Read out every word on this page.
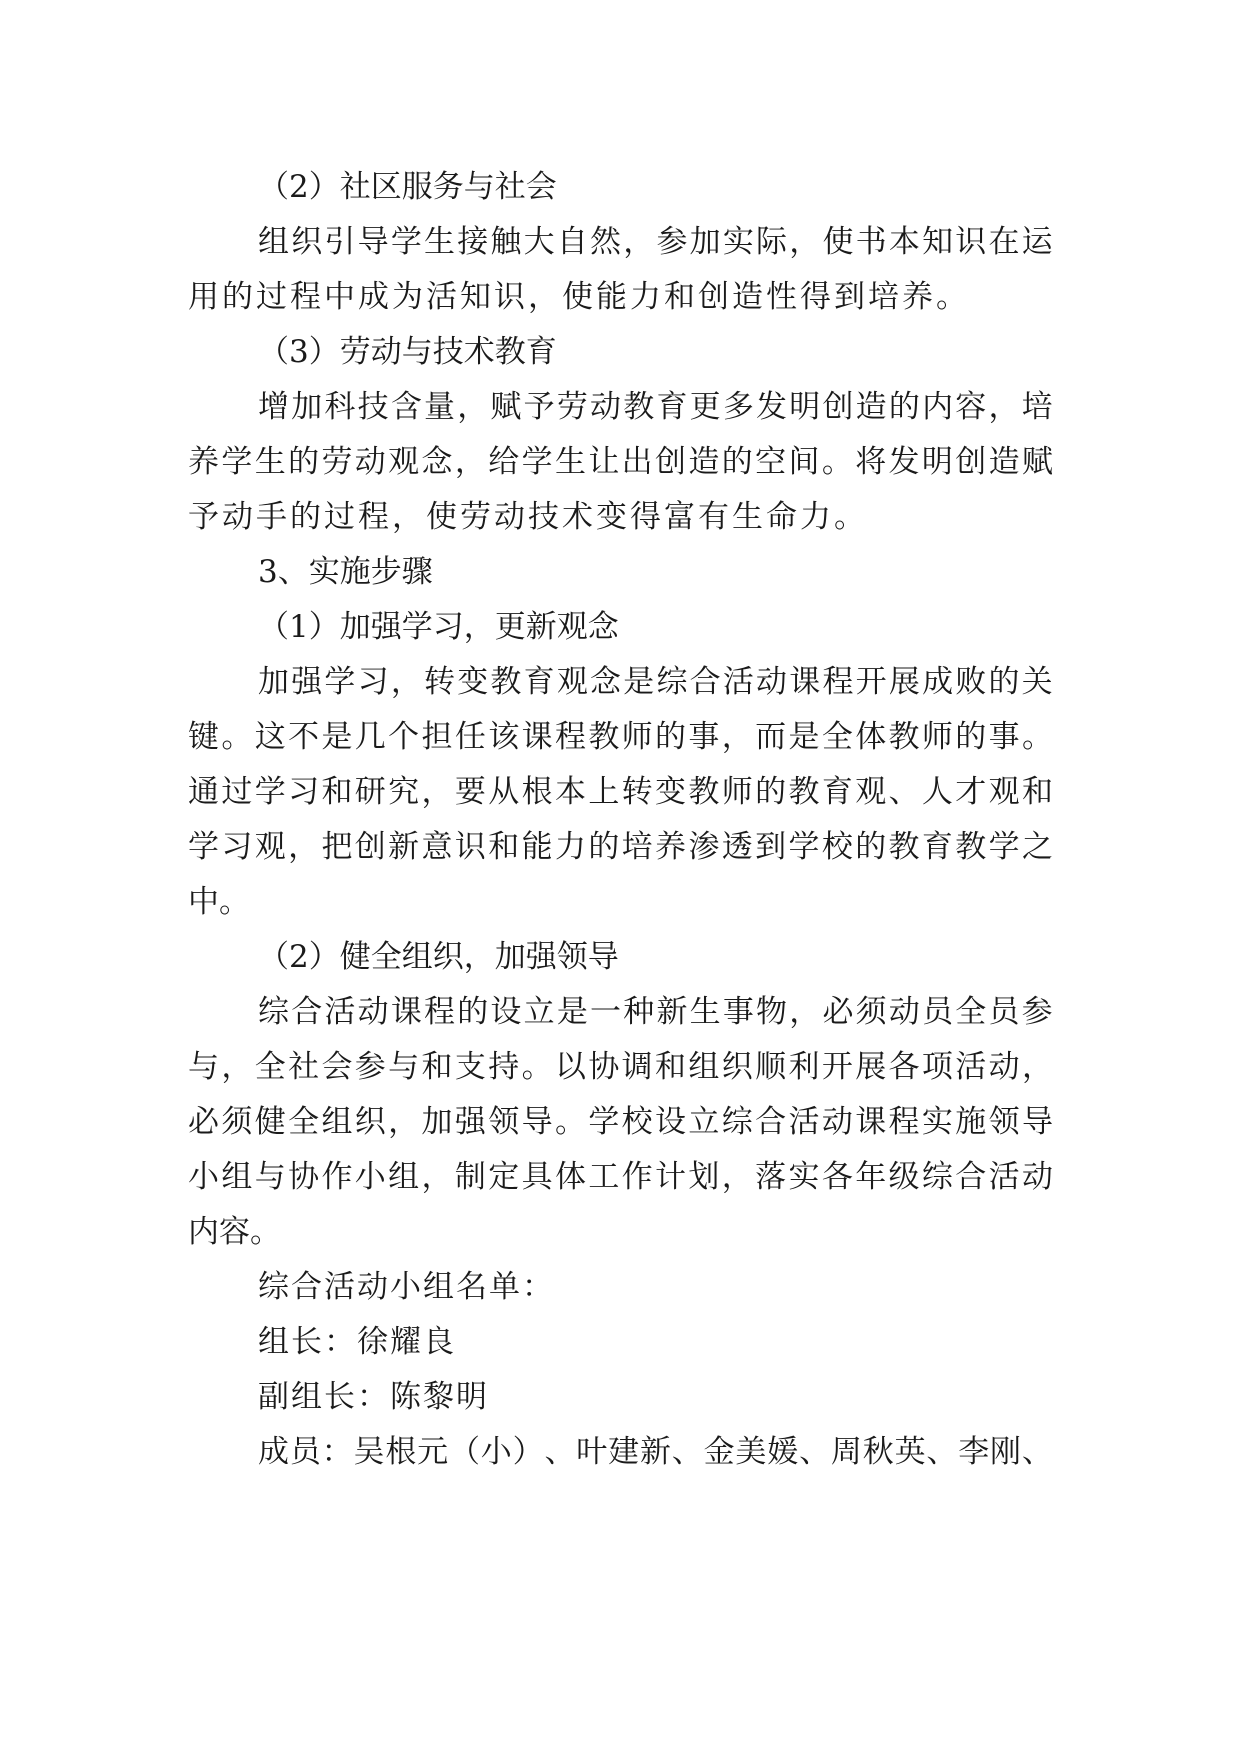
（2）社区服务与社会
组 织 引 导 学 生 接 触 大 自 然 ， 参 加 实 际 ， 使 书 本 知 识 在 运
用 的 过 程 中 成 为 活 知 识 ， 使 能 力 和 创 造 性 得 到 培 养 。
（3）劳动与技术教育
增 加 科 技 含 量 ， 赋 予 劳 动 教 育 更 多 发 明 创 造 的 内 容 ， 培
养 学 生 的 劳 动 观 念 ， 给 学 生 让 出 创 造 的 空 间 。 将 发 明 创 造 赋
予动手的过程，使劳动技术变得富有生命力。
3、实施步骤
（1）加强学习，更新观念
加 强 学 习 ， 转 变 教 育 观 念 是 综 合 活 动 课 程 开 展 成 败 的 关
键 。 这 不 是 几 个 担 任 该 课 程 教 师 的 事 ， 而 是 全 体 教 师 的 事 。
通 过 学 习 和 研 究 ， 要 从 根 本 上 转 变 教 师 的 教 育 观 、 人 才 观 和
学 习 观 ， 把 创 新 意 识 和 能 力 的 培 养 渗 透 到 学 校 的 教 育 教 学 之
中。
（2）健全组织，加强领导
综 合 活 动 课 程 的 设 立 是 一 种 新 生 事 物 ， 必 须 动 员 全 员 参
与 ， 全 社 会 参 与 和 支 持 。 以 协 调 和 组 织 顺 利 开 展 各 项 活 动 ，
必 须 健 全 组 织 ， 加 强 领 导 。 学 校 设 立 综 合 活 动 课 程 实 施 领 导
小 组 与 协 作 小 组 ， 制 定 具 体 工 作 计 划 ， 落 实 各 年 级 综 合 活 动
内容。
综合活动小组名单：
组长：徐耀良
副组长：陈黎明
成 员 ： 吴 根 元 （ 小 ） 、 叶 建 新 、 金 美 媛 、 周 秋 英 、 李 刚 、
